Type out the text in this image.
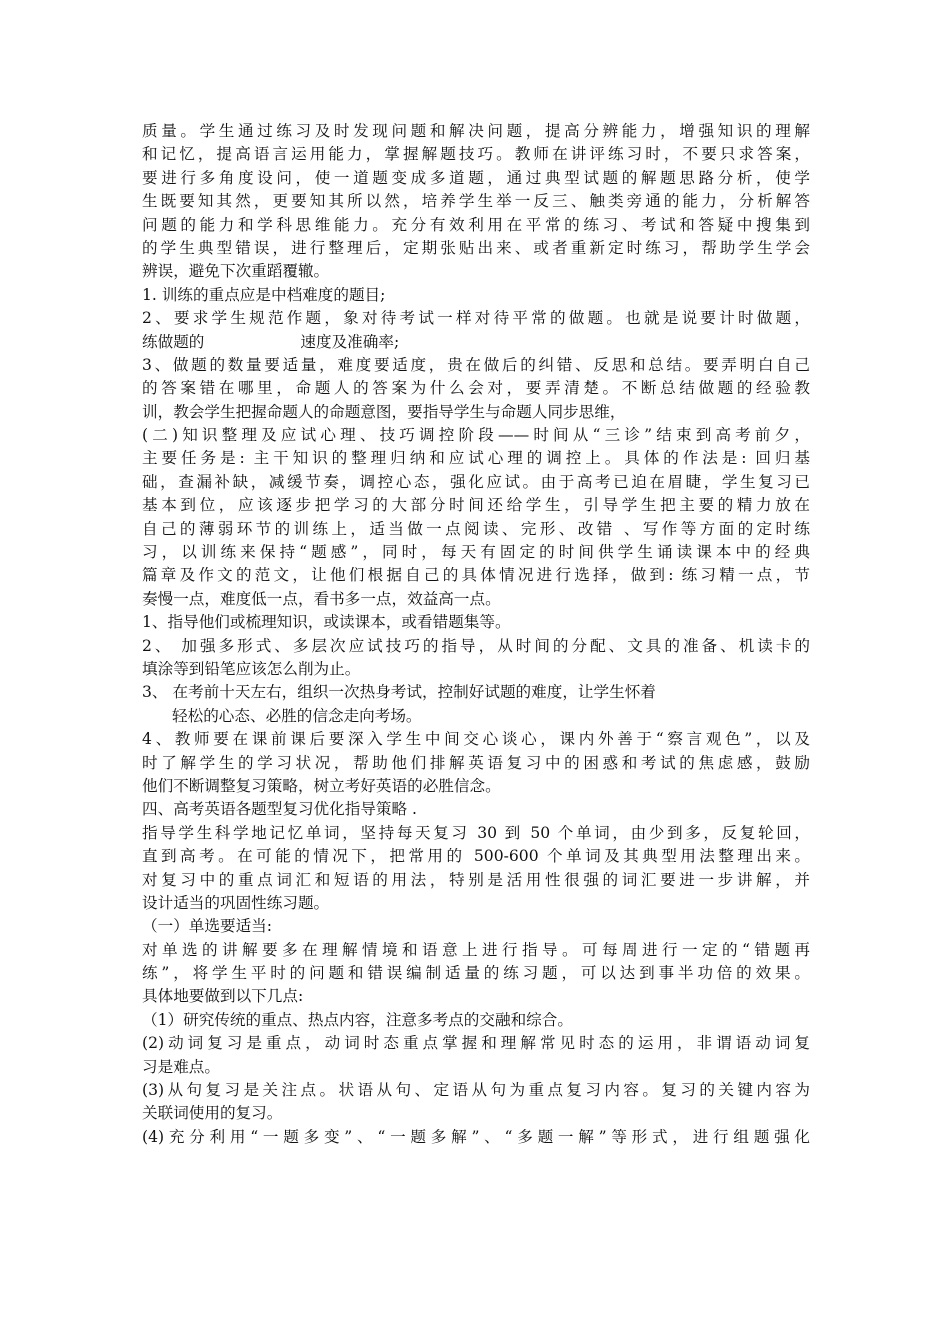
质量。学生通过练习及时发现问题和解决问题，提高分辨能力，增强知识的理解
和记忆，提高语言运用能力，掌握解题技巧。教师在讲评练习时，不要只求答案，
要进行多角度设问，使一道题变成多道题，通过典型试题的解题思路分析，使学
生既要知其然，更要知其所以然，培养学生举一反三、触类旁通的能力，分析解答
问题的能力和学科思维能力。充分有效利用在平常的练习、考试和答疑中搜集到
的学生典型错误，进行整理后，定期张贴出来、或者重新定时练习，帮助学生学会
辨误，避免下次重蹈覆辙。
1. 训练的重点应是中档难度的题目;
2、要求学生规范作题，象对待考试一样对待平常的做题。也就是说要计时做题，
练做题的	速度及准确率;
3、做题的数量要适量，难度要适度，贵在做后的纠错、反思和总结。要弄明白自己
的答案错在哪里，命题人的答案为什么会对，要弄清楚。不断总结做题的经验教
训，教会学生把握命题人的命题意图，要指导学生与命题人同步思维，
(二)知识整理及应试心理、技巧调控阶段——时间从“三诊”结束到高考前夕，
主要任务是: 主干知识的整理归纳和应试心理的调控上。具体的作法是: 回归基
础，查漏补缺，减缓节奏，调控心态，强化应试。由于高考已迫在眉睫，学生复习已
基本到位，应该逐步把学习的大部分时间还给学生，引导学生把主要的精力放在
自己的薄弱环节的训练上，适当做一点阅读、完形、改错 、写作等方面的定时练
习，以训练来保持“题感”，同时，每天有固定的时间供学生诵读课本中的经典
篇章及作文的范文，让他们根据自己的具体情况进行选择，做到: 练习精一点，节
奏慢一点，难度低一点，看书多一点，效益高一点。
1、指导他们或梳理知识，或读课本，或看错题集等。
2、 加强多形式、多层次应试技巧的指导，从时间的分配、文具的准备、机读卡的
填涂等到铅笔应该怎么削为止。
3、 在考前十天左右，组织一次热身考试，控制好试题的难度，让学生怀着
轻松的心态、必胜的信念走向考场。
4、教师要在课前课后要深入学生中间交心谈心，课内外善于“察言观色”，以及
时了解学生的学习状况，帮助他们排解英语复习中的困惑和考试的焦虑感，鼓励
他们不断调整复习策略，树立考好英语的必胜信念。
四、高考英语各题型复习优化指导策略 .
指导学生科学地记忆单词，坚持每天复习 30 到 50 个单词，由少到多，反复轮回，
直到高考。在可能的情况下，把常用的 500-600 个单词及其典型用法整理出来。
对复习中的重点词汇和短语的用法，特别是活用性很强的词汇要进一步讲解，并
设计适当的巩固性练习题。
（一）单选要适当:
对单选的讲解要多在理解情境和语意上进行指导。可每周进行一定的“错题再
练”，将学生平时的问题和错误编制适量的练习题，可以达到事半功倍的效果。
具体地要做到以下几点:
（1）研究传统的重点、热点内容，注意多考点的交融和综合。
(2)动词复习是重点，动词时态重点掌握和理解常见时态的运用，非谓语动词复
习是难点。
(3)从句复习是关注点。状语从句、定语从句为重点复习内容。复习的关键内容为
关联词使用的复习。
(4)充分利用“一题多变”、“一题多解”、“多题一解”等形式，进行组题强化
